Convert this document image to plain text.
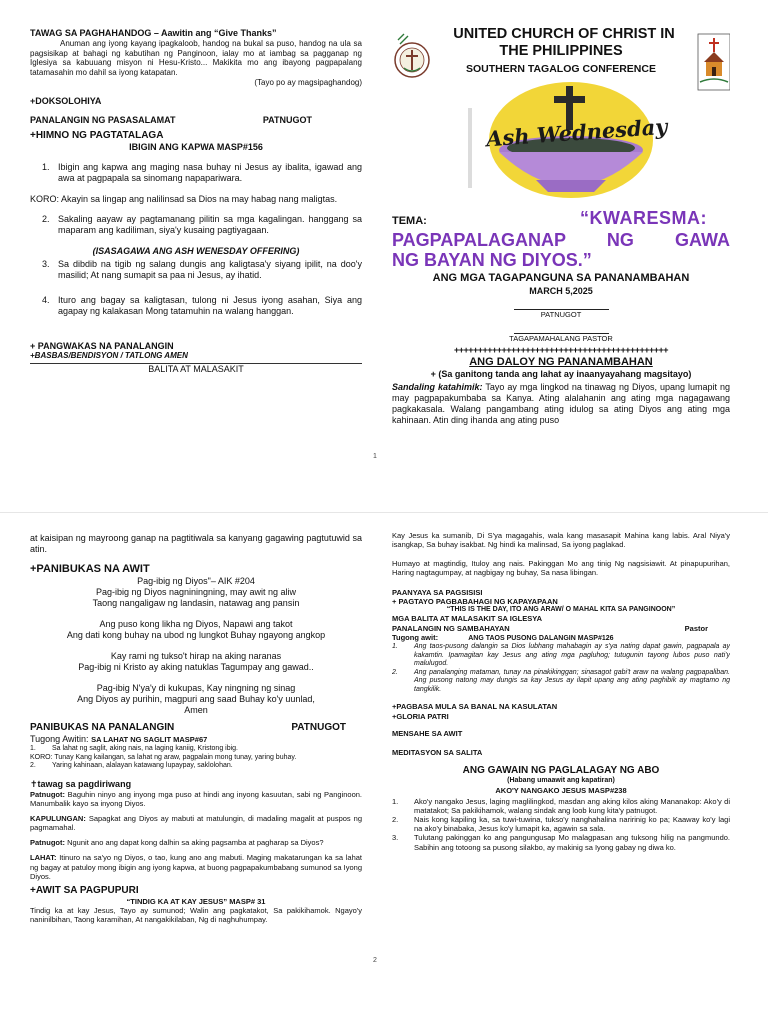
TAWAG SA PAGHAHANDOG – Aawitin ang “Give Thanks”
Anuman ang iyong kayang ipagkaloob, handog na bukal sa puso, handog na ula sa pagsisikap at bahagi ng kabutihan ng Panginoon, ialay mo at iambag sa pagganap ng Iglesiya sa kabuuang misyon ni Hesu-Kristo... Makikita mo ang ibayong pagpapalang tatamasahin mo dahil sa iyong katapatan.
(Tayo po ay magsipaghandog)
+DOKSOLOHIYA
PANALANGIN NG PASASALAMAT	PATNUGOT
+HIMNO NG PAGTATALAGA
IBIGIN ANG KAPWA MASP#156
1. Ibigin ang kapwa ang maging nasa buhay ni Jesus ay ibalita, igawad ang awa at pagpapala sa sinomang napapariwara.
KORO: Akayin sa lingap ang nalilinsad sa Dios na may habag nang maligtas.
2. Sakaling aayaw ay pagtamanang pilitin sa mga kagalingan. hanggang sa maparam ang kadiliman, siya'y kusaing pagtiyagaan.
(ISASAGAWA ANG ASH WENESDAY OFFERING)
3. Sa dibdib na tigib ng salang dungis ang kaligtasa'y siyang ipilit, na doo'y masilid; At nang sumapit sa paa ni Jesus, ay ihatid.
4. Ituro ang bagay sa kaligtasan, tulong ni Jesus iyong asahan, Siya ang agapay ng kalakasan Mong tatamuhin na walang hanggan.
+ PANGWAKAS NA PANALANGIN
+BASBAS/BENDISYON / TATLONG AMEN
BALITA AT MALASAKIT
UNITED CHURCH OF CHRIST IN
THE PHILIPPINES
SOUTHERN TAGALOG CONFERENCE
Ash Wednesday
TEMA:	“KWARESMA:
PAGPAPALAGANAP NG GAWA
NG BAYAN NG DIYOS.”
ANG MGA TAGAPANGUNA SA PANANAMBAHAN
MARCH 5,2025
PATNUGOT
TAGAPAMAHALANG PASTOR
+++++++++++++++++++++++++++++++++++++++++++++
ANG DALOY NG PANANAMBAHAN
+ (Sa ganitong tanda ang lahat ay inaanyayahang magsitayo)
Sandaling katahimik: Tayo ay mga lingkod na tinawag ng Diyos, upang lumapit ng may pagpapakumbaba sa Kanya. Ating alalahanin ang ating mga nagagawang pagkakasala. Walang pangambang ating idulog sa ating Diyos ang ating mga kahinaan. Atin ding ihanda ang ating puso
1
at kaisipan ng mayroong ganap na pagtitiwala sa kanyang gagawing pagtutuwid sa atin.
+PANIBUKAS NA AWIT
Pag-ibig ng Diyos"– AIK #204
Pag-ibig ng Diyos nagniningning, may awit ng aliw
Taong nangaligaw ng landasin, natawag ang pansin
Ang puso kong likha ng Diyos, Napawi ang takot
Ang dati kong buhay na ubod ng lungkot Buhay ngayong angkop
Kay rami ng tukso't hirap na aking naranas
Pag-ibig ni Kristo ay aking natuklas Tagumpay ang gawad..
Pag-ibig N'ya'y di kukupas, Kay ningning ng sinag
Ang Diyos ay purihin, magpuri ang saad Buhay ko'y uunlad,
Amen
PANIBUKAS NA PANALANGIN	PATNUGOT
Tugong Awitin: SA LAHAT NG SAGLIT MASP#67
1.	Sa lahat ng saglit, aking nais, na laging kaniig, Kristong ibig.
KORO: Tunay Kang kailangan, sa lahat ng araw, pagpalain mong tunay, yaring buhay.
2.	Yaring kahinaan, alalayan katawang lupaypay, saklolohan.
✝tawag sa pagdiriwang
Patnugot: Baguhin ninyo ang inyong mga puso at hindi ang inyong kasuutan, sabi ng Panginoon. Manumbalik kayo sa inyong Diyos.
KAPULUNGAN: Sapagkat ang Diyos ay mabuti at matulungin, di madaling magalit at puspos ng pagmamahal.
Patnugot: Ngunit ano ang dapat kong dalhin sa aking pagsamba at pagharap sa Diyos?
LAHAT: Itinuro na sa'yo ng Diyos, o tao, kung ano ang mabuti. Maging makatarungan ka sa lahat ng bagay at patuloy mong ibigin ang iyong kapwa, at buong pagpapakumbabang sumunod sa Iyong Diyos.
+AWIT SA PAGPUPURI
“TINDIG KA AT KAY JESUS” MASP# 31
Tindig ka at kay Jesus, Tayo ay sumunod; Walin ang pagkatakot, Sa pakikihamok. Ngayo'y naninilbihan, Taong karamihan, At nangakikilaban, Ng di naghuhumpay.
Kay Jesus ka sumanib, Di S'ya magagahis, wala kang masasapit Mahina kang labis. Aral Niya'y isangkap, Sa buhay isakbat. Ng hindi ka malinsad, Sa iyong paglakad.
Humayo at magtindig, Ituloy ang nais. Pakinggan Mo ang tinig Ng nagsisiawit. At pinapupurihan, Haring nagtagumpay, at nagbigay ng buhay, Sa nasa libingan.
PAANYAYA SA PAGSISISI
+ PAGTAYO PAGBABAHAGI NG KAPAYAPAAN
“THIS IS THE DAY, ITO ANG ARAW/ O MAHAL KITA SA PANGINOON”
MGA BALITA AT MALASAKIT SA IGLESYA
PANALANGIN NG SAMBAHAYAN	Pastor
Tugong awit:	ANG TAOS PUSONG DALANGIN MASP#126
1.	Ang taos-pusong dalangin sa Dios lubhang mahabagin ay s'ya nating dapat gawin, pagpapala ay kakamtin. Ipamagitan kay Jesus ang ating mga pagluhog; tutugunin tayong lubos puso nati'y malulugod.
2.	Ang panalanging mataman, tunay na pinakikinggan; sinasagot gabi't araw na walang pagpapaliban. Ang pusong natong may dungis sa kay Jesus ay ilapit upang ang ating paghibik ay magtamo ng tangkilik.
+PAGBASA MULA SA BANAL NA KASULATAN
+GLORIA PATRI
MENSAHE SA AWIT
MEDITASYON SA SALITA
ANG GAWAIN NG PAGLALAGAY NG ABO
(Habang umaawit ang kapatiran)
AKO'Y NANGAKO JESUS MASP#238
1.	Ako'y nangako Jesus, laging maglilingkod, masdan ang aking kilos aking Mananakop: Ako'y di matatakot; Sa pakikihamok, walang sindak ang loob kung kita'y patnugot.
2.	Nais kong kapiling ka, sa tuwi-tuwina, tukso'y nanghahalina naririnig ko pa; Kaaway ko'y lagi na ako'y binabaka, Jesus ko'y lumapit ka, agawin sa sala.
3.	Tulutang pakinggan ko ang pangungusap Mo malagpasan ang tuksong hilig na pangmundo. Sabihin ang totoong sa pusong silakbo, ay makinig sa Iyong gabay ng diwa ko.
2
